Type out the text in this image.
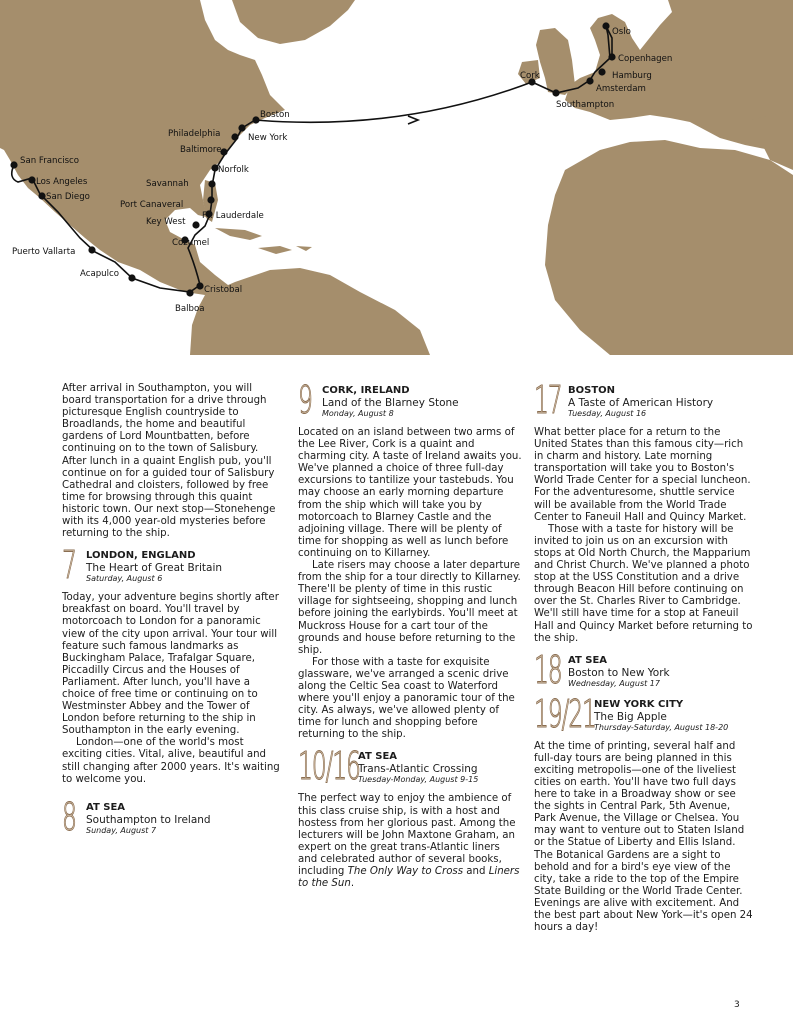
Oslo
Copenhagen
Hamburg
Amsterdam
Cork
Southampton
Boston
New York
Philadelphia
Baltimore
Norfolk
Savannah
Port Canaveral
Key West
Ft. Lauderdale
Cozumel
Cristobal
Balboa
Acapulco
Puerto Vallarta
San Francisco
Los Angeles
San Diego

After arrival in Southampton, you will board transportation for a drive through picturesque English countryside to Broadlands, the home and beautiful gardens of Lord Mountbatten, before continuing on to the town of Salisbury. After lunch in a quaint English pub, you'll continue on for a guided tour of Salisbury Cathedral and cloisters, followed by free time for browsing through this quaint historic town. Our next stop—Stonehenge with its 4,000 year-old mysteries before returning to the ship.

7 LONDON, ENGLAND
The Heart of Great Britain
Saturday, August 6

Today, your adventure begins shortly after breakfast on board. You'll travel by motorcoach to London for a panoramic view of the city upon arrival. Your tour will feature such famous landmarks as Buckingham Palace, Trafalgar Square, Piccadilly Circus and the Houses of Parliament. After lunch, you'll have a choice of free time or continuing on to Westminster Abbey and the Tower of London before returning to the ship in Southampton in the early evening.

London—one of the world's most exciting cities. Vital, alive, beautiful and still changing after 2000 years. It's waiting to welcome you.

8 AT SEA
Southampton to Ireland
Sunday, August 7
9 CORK, IRELAND
Land of the Blarney Stone
Monday, August 8

Located on an island between two arms of the Lee River, Cork is a quaint and charming city. A taste of Ireland awaits you. We've planned a choice of three full-day excursions to tantilize your tastebuds. You may choose an early morning departure from the ship which will take you by motorcoach to Blarney Castle and the adjoining village. There will be plenty of time for shopping as well as lunch before continuing on to Killarney.

Late risers may choose a later departure from the ship for a tour directly to Killarney. There'll be plenty of time in this rustic village for sightseeing, shopping and lunch before joining the earlybirds. You'll meet at Muckross House for a cart tour of the grounds and house before returning to the ship.

For those with a taste for exquisite glassware, we've arranged a scenic drive along the Celtic Sea coast to Waterford where you'll enjoy a panoramic tour of the city. As always, we've allowed plenty of time for lunch and shopping before returning to the ship.

10/16
AT SEA
Trans-Atlantic Crossing
Tuesday-Monday, August 9-15

The perfect way to enjoy the ambience of this class cruise ship, is with a host and hostess from her glorious past. Among the lecturers will be John Maxtone Graham, an expert on the great trans-Atlantic liners and celebrated author of several books, including The Only Way to Cross and Liners to the Sun.

17 BOSTON
A Taste of American History
Tuesday, August 16

What better place for a return to the United States than this famous city—rich in charm and history. Late morning transportation will take you to Boston's World Trade Center for a special luncheon. For the adventuresome, shuttle service will be available from the World Trade Center to Faneuil Hall and Quincy Market.

Those with a taste for history will be invited to join us on an excursion with stops at Old North Church, the Mapparium and Christ Church. We've planned a photo stop at the USS Constitution and a drive through Beacon Hill before continuing on over the St. Charles River to Cambridge. We'll still have time for a stop at Faneuil Hall and Quincy Market before returning to the ship.

18 AT SEA
Boston to New York
Wednesday, August 17
19/21
NEW YORK CITY
The Big Apple
Thursday-Saturday, August 18-20

At the time of printing, several half and full-day tours are being planned in this exciting metropolis—one of the liveliest cities on earth. You'll have two full days here to take in a Broadway show or see the sights in Central Park, 5th Avenue, Park Avenue, the Village or Chelsea. You may want to venture out to Staten Island or the Statue of Liberty and Ellis Island. The Botanical Gardens are a sight to behold and for a bird's eye view of the city, take a ride to the top of the Empire State Building or the World Trade Center. Evenings are alive with excitement. And the best part about New York—it's open 24 hours a day!

3
